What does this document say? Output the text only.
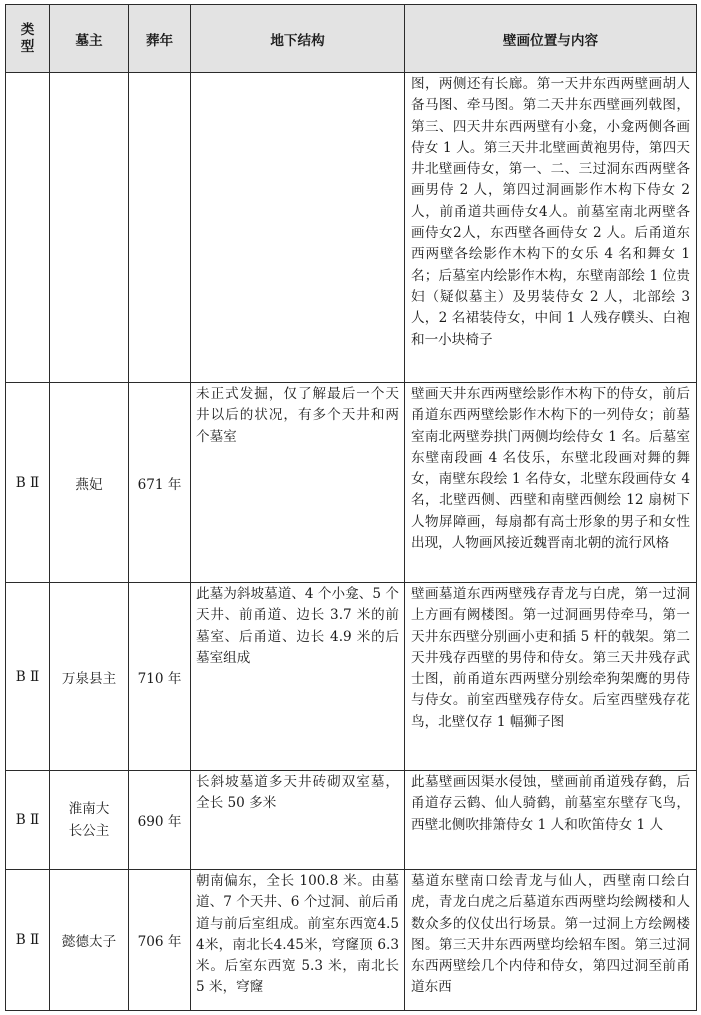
类型	墓主	葬年	地下结构	壁画位置与内容

				图，两侧还有长廊。第一天井东西两壁画胡人备马图、牵马图。第二天井东西壁画列戟图，第三、四天井东西两壁有小龛，小龛两侧各画侍女 1 人。第三天井北壁画黄袍男侍，第四天井北壁画侍女，第一、二、三过洞东西两壁各画男侍 2 人，第四过洞画影作木构下侍女 2 人，前甬道共画侍女4人。前墓室南北两壁各画侍女2人，东西壁各画侍女 2 人。后甬道东西两壁各绘影作木构下的女乐 4 名和舞女 1 名；后墓室内绘影作木构，东壁南部绘 1 位贵妇（疑似墓主）及男装侍女 2 人，北部绘 3 人，2 名裙装侍女，中间 1 人残存幞头、白袍和一小块椅子

B Ⅱ	燕妃	671 年	未正式发掘，仅了解最后一个天井以后的状况，有多个天井和两个墓室	壁画天井东西两壁绘影作木构下的侍女，前后甬道东西两壁绘影作木构下的一列侍女；前墓室南北两壁券拱门两侧均绘侍女 1 名。后墓室东壁南段画 4 名伎乐，东壁北段画对舞的舞女，南壁东段绘 1 名侍女，北壁东段画侍女 4 名，北壁西侧、西壁和南壁西侧绘 12 扇树下人物屏障画，每扇都有高士形象的男子和女性出现，人物画风接近魏晋南北朝的流行风格

B Ⅱ	万泉县主	710 年	此墓为斜坡墓道、4 个小龛、5 个天井、前甬道、边长 3.7 米的前墓室、后甬道、边长 4.9 米的后墓室组成	壁画墓道东西两壁残存青龙与白虎，第一过洞上方画有阙楼图。第一过洞画男侍牵马，第一天井东西壁分别画小吏和插 5 杆的戟架。第二天井残存西壁的男侍和侍女。第三天井残存武士图，前甬道东西两壁分别绘牵狗架鹰的男侍与侍女。前室西壁残存侍女。后室西壁残存花鸟，北壁仅存 1 幅狮子图

B Ⅱ	淮南大长公主	690 年	长斜坡墓道多天井砖砌双室墓，全长 50 多米	此墓壁画因渠水侵蚀，壁画前甬道残存鹤，后甬道存云鹤、仙人骑鹤，前墓室东壁存飞鸟，西壁北侧吹排箫侍女 1 人和吹笛侍女 1 人

B Ⅱ	懿德太子	706 年	朝南偏东，全长 100.8 米。由墓道、7 个天井、6 个过洞、前后甬道与前后室组成。前室东西宽4.54米，南北长4.45米，穹窿顶 6.3 米。后室东西宽 5.3 米，南北长 5 米，穹窿	墓道东壁南口绘青龙与仙人，西壁南口绘白虎，青龙白虎之后墓道东西两壁均绘阙楼和人数众多的仪仗出行场景。第一过洞上方绘阙楼图。第三天井东西两壁均绘轺车图。第三过洞东西两壁绘几个内侍和侍女，第四过洞至前甬道东西
